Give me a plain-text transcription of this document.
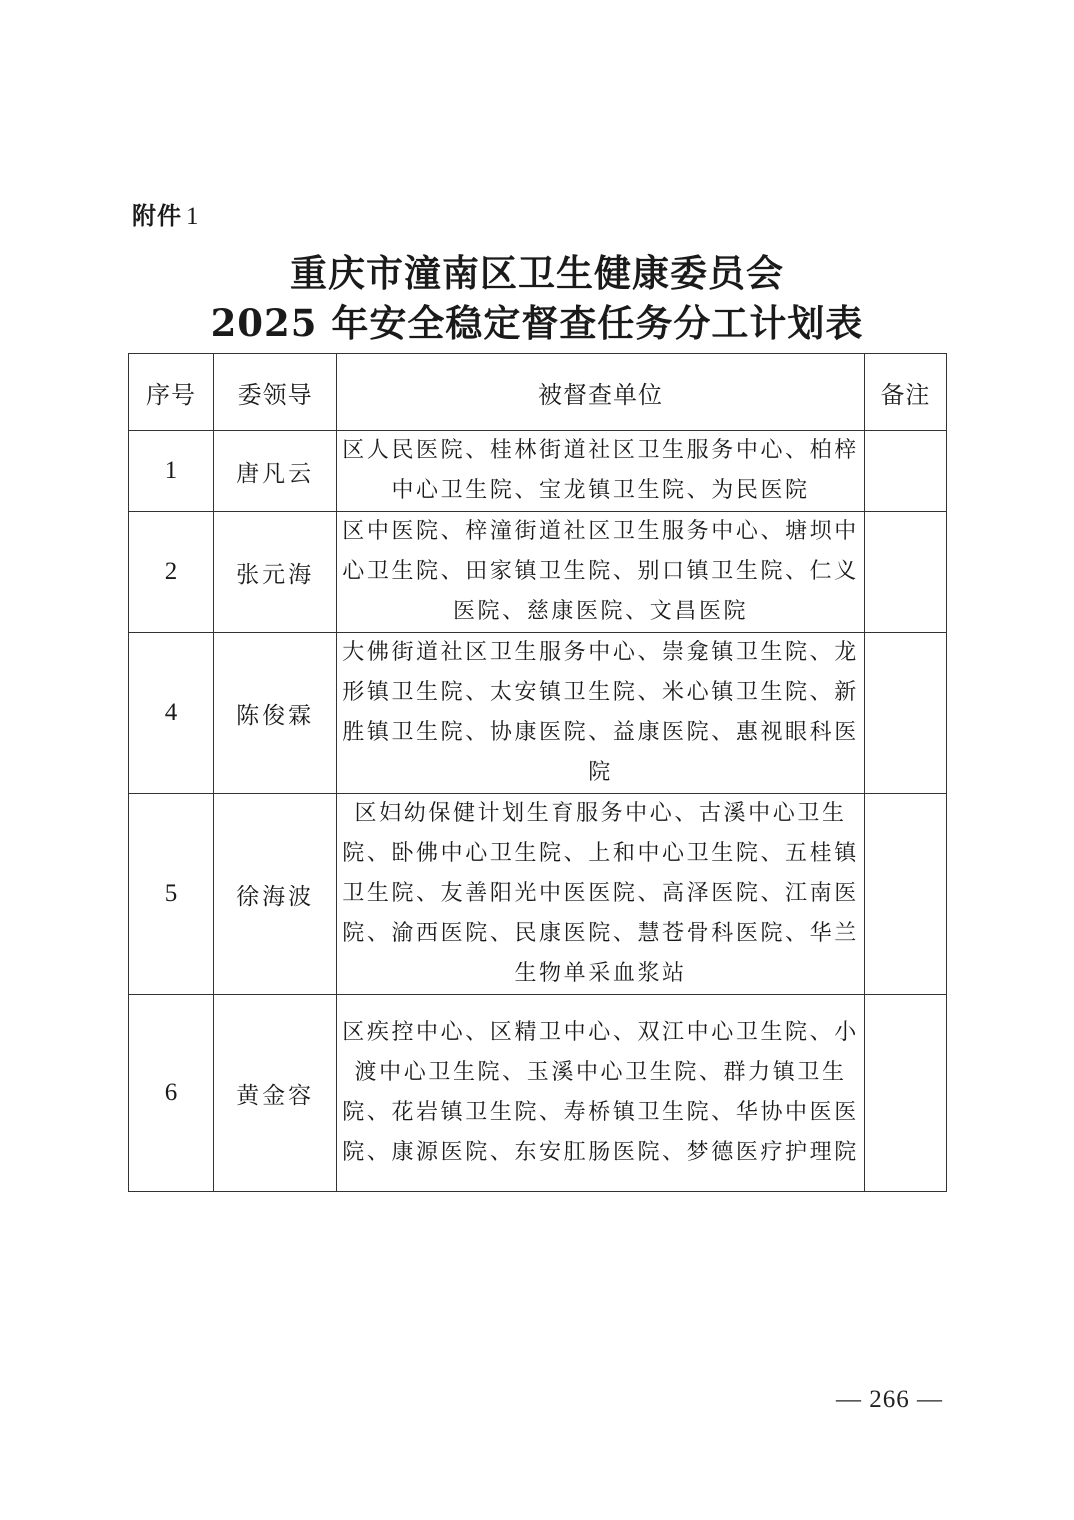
附件 1
重庆市潼南区卫生健康委员会
2025 年安全稳定督查任务分工计划表
序号	委领导	被督查单位	备注
1	唐凡云	区人民医院、桂林街道社区卫生服务中心、柏梓中心卫生院、宝龙镇卫生院、为民医院	
2	张元海	区中医院、梓潼街道社区卫生服务中心、塘坝中心卫生院、田家镇卫生院、别口镇卫生院、仁义医院、慈康医院、文昌医院	
4	陈俊霖	大佛街道社区卫生服务中心、崇龛镇卫生院、龙形镇卫生院、太安镇卫生院、米心镇卫生院、新胜镇卫生院、协康医院、益康医院、惠视眼科医院	
5	徐海波	区妇幼保健计划生育服务中心、古溪中心卫生院、卧佛中心卫生院、上和中心卫生院、五桂镇卫生院、友善阳光中医医院、高泽医院、江南医院、渝西医院、民康医院、慧苍骨科医院、华兰生物单采血浆站	
6	黄金容	区疾控中心、区精卫中心、双江中心卫生院、小渡中心卫生院、玉溪中心卫生院、群力镇卫生院、花岩镇卫生院、寿桥镇卫生院、华协中医医院、康源医院、东安肛肠医院、梦德医疗护理院	
— 266 —
